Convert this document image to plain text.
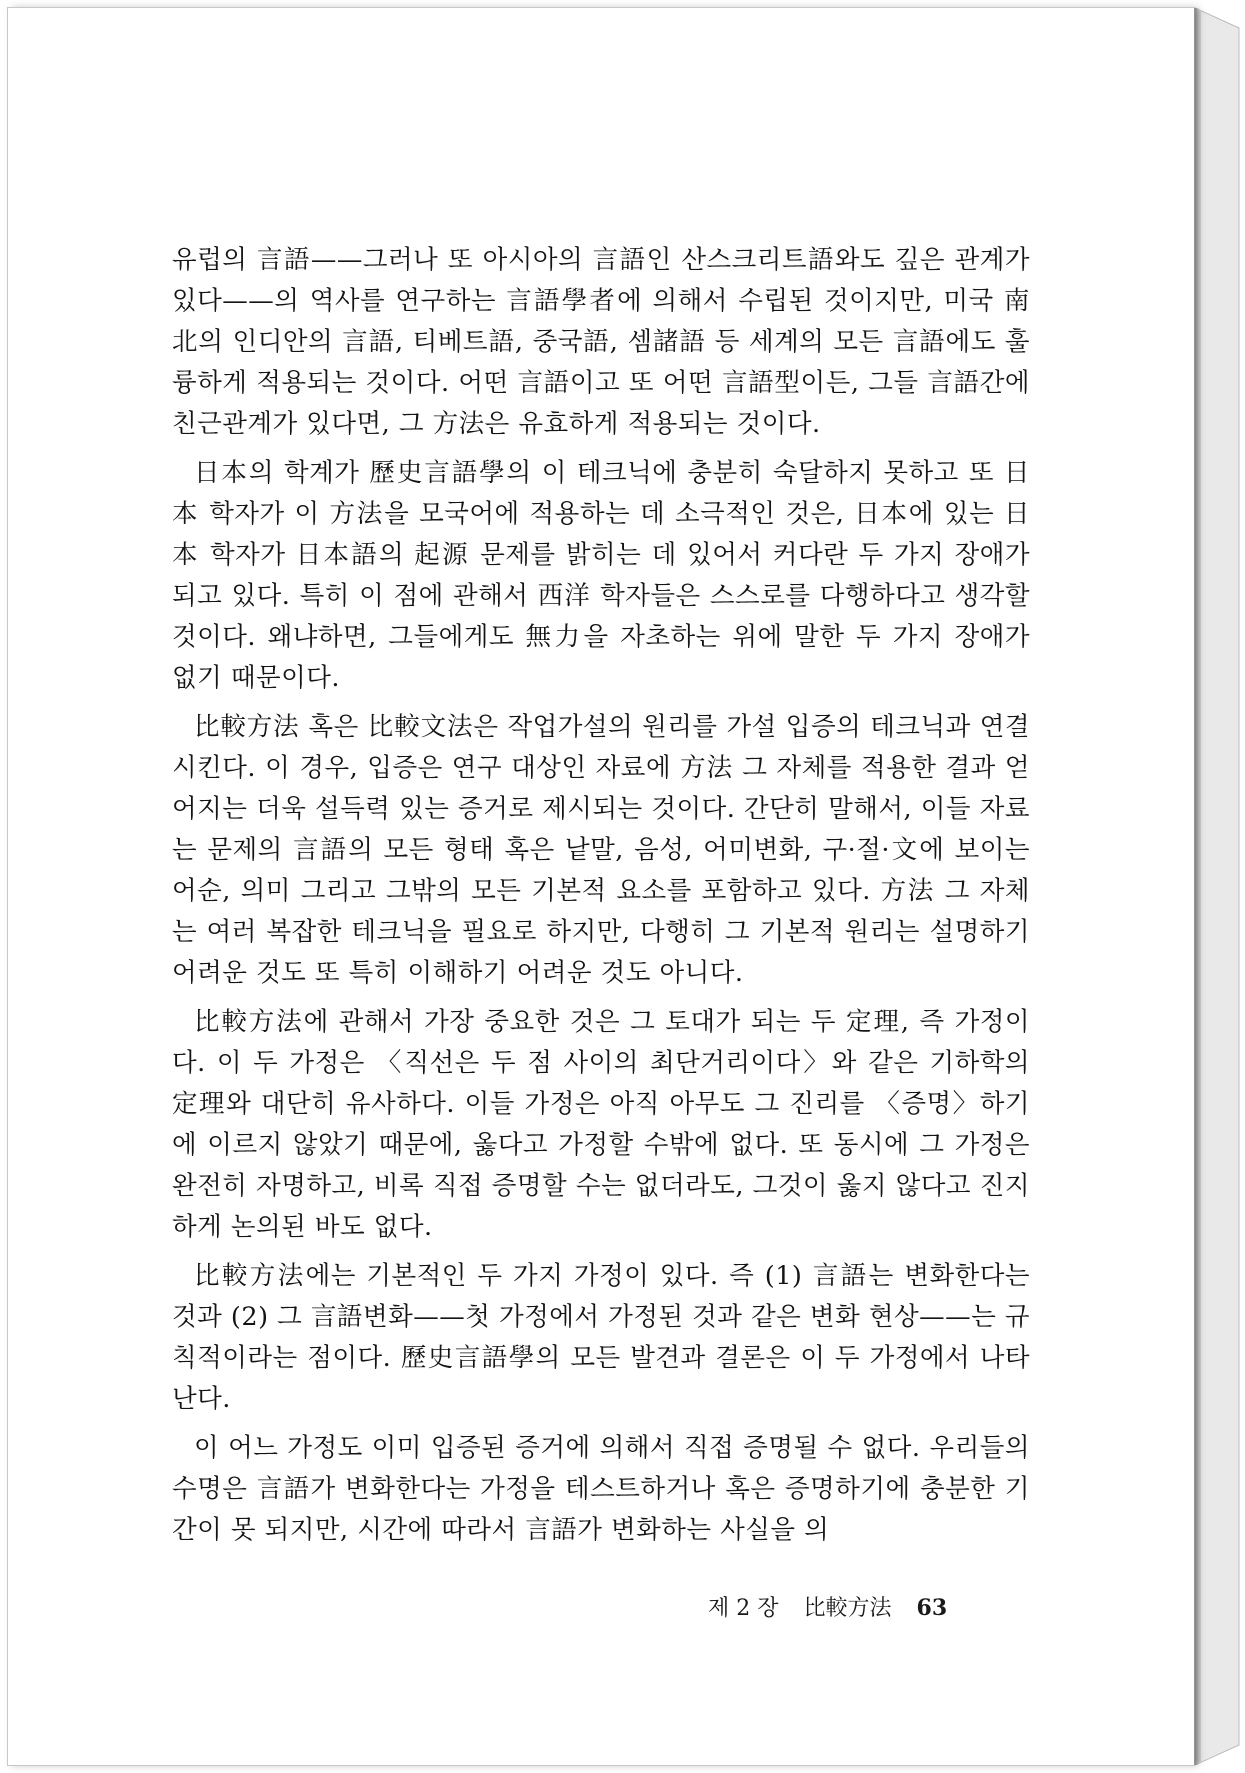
유럽의 言語——그러나 또 아시아의 言語인 산스크리트語와도 깊은 관계가 있다——의 역사를 연구하는 言語學者에 의해서 수립된 것이지만, 미국 南北의 인디안의 言語, 티베트語, 중국語, 셈諸語 등 세계의 모든 言語에도 훌륭하게 적용되는 것이다. 어떤 言語이고 또 어떤 言語型이든, 그들 言語간에 친근관계가 있다면, 그 方法은 유효하게 적용되는 것이다.

日本의 학계가 歷史言語學의 이 테크닉에 충분히 숙달하지 못하고 또 日本 학자가 이 方法을 모국어에 적용하는 데 소극적인 것은, 日本에 있는 日本 학자가 日本語의 起源 문제를 밝히는 데 있어서 커다란 두 가지 장애가 되고 있다. 특히 이 점에 관해서 西洋 학자들은 스스로를 다행하다고 생각할 것이다. 왜냐하면, 그들에게도 無力을 자초하는 위에 말한 두 가지 장애가 없기 때문이다.

比較方法 혹은 比較文法은 작업가설의 원리를 가설 입증의 테크닉과 연결시킨다. 이 경우, 입증은 연구 대상인 자료에 方法 그 자체를 적용한 결과 얻어지는 더욱 설득력 있는 증거로 제시되는 것이다. 간단히 말해서, 이들 자료는 문제의 言語의 모든 형태 혹은 낱말, 음성, 어미변화, 구·절·文에 보이는 어순, 의미 그리고 그밖의 모든 기본적 요소를 포함하고 있다. 方法 그 자체는 여러 복잡한 테크닉을 필요로 하지만, 다행히 그 기본적 원리는 설명하기 어려운 것도 또 특히 이해하기 어려운 것도 아니다.

比較方法에 관해서 가장 중요한 것은 그 토대가 되는 두 定理, 즉 가정이다. 이 두 가정은 〈직선은 두 점 사이의 최단거리이다〉와 같은 기하학의 定理와 대단히 유사하다. 이들 가정은 아직 아무도 그 진리를 〈증명〉하기에 이르지 않았기 때문에, 옳다고 가정할 수밖에 없다. 또 동시에 그 가정은 완전히 자명하고, 비록 직접 증명할 수는 없더라도, 그것이 옳지 않다고 진지하게 논의된 바도 없다.

比較方法에는 기본적인 두 가지 가정이 있다. 즉 (1) 言語는 변화한다는 것과 (2) 그 言語변화——첫 가정에서 가정된 것과 같은 변화 현상——는 규칙적이라는 점이다. 歷史言語學의 모든 발견과 결론은 이 두 가정에서 나타난다.

이 어느 가정도 이미 입증된 증거에 의해서 직접 증명될 수 없다. 우리들의 수명은 言語가 변화한다는 가정을 테스트하거나 혹은 증명하기에 충분한 기간이 못 되지만, 시간에 따라서 言語가 변화하는 사실을 의

제 2 장 比較方法 63
